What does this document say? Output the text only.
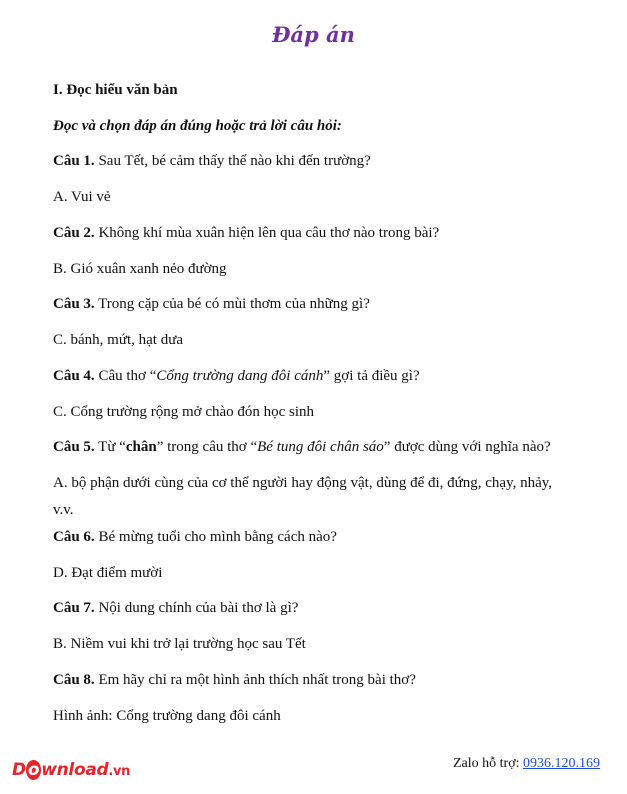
Đáp án
I. Đọc hiểu văn bản
Đọc và chọn đáp án đúng hoặc trả lời câu hỏi:
Câu 1. Sau Tết, bé cảm thấy thế nào khi đến trường?
A. Vui vẻ
Câu 2. Không khí mùa xuân hiện lên qua câu thơ nào trong bài?
B. Gió xuân xanh nẻo đường
Câu 3. Trong cặp của bé có mùi thơm của những gì?
C. bánh, mứt, hạt dưa
Câu 4. Câu thơ “Cổng trường dang đôi cánh” gợi tả điều gì?
C. Cổng trường rộng mở chào đón học sinh
Câu 5. Từ “chân” trong câu thơ “Bé tung đôi chân sáo” được dùng với nghĩa nào?
A. bộ phận dưới cùng của cơ thể người hay động vật, dùng để đi, đứng, chạy, nhảy,
v.v.
Câu 6. Bé mừng tuổi cho mình bằng cách nào?
D. Đạt điểm mười
Câu 7. Nội dung chính của bài thơ là gì?
B. Niềm vui khi trở lại trường học sau Tết
Câu 8. Em hãy chỉ ra một hình ảnh thích nhất trong bài thơ?
Hình ảnh: Cổng trường dang đôi cánh
D o wnload.vn
Zalo hỗ trợ: 0936.120.169
